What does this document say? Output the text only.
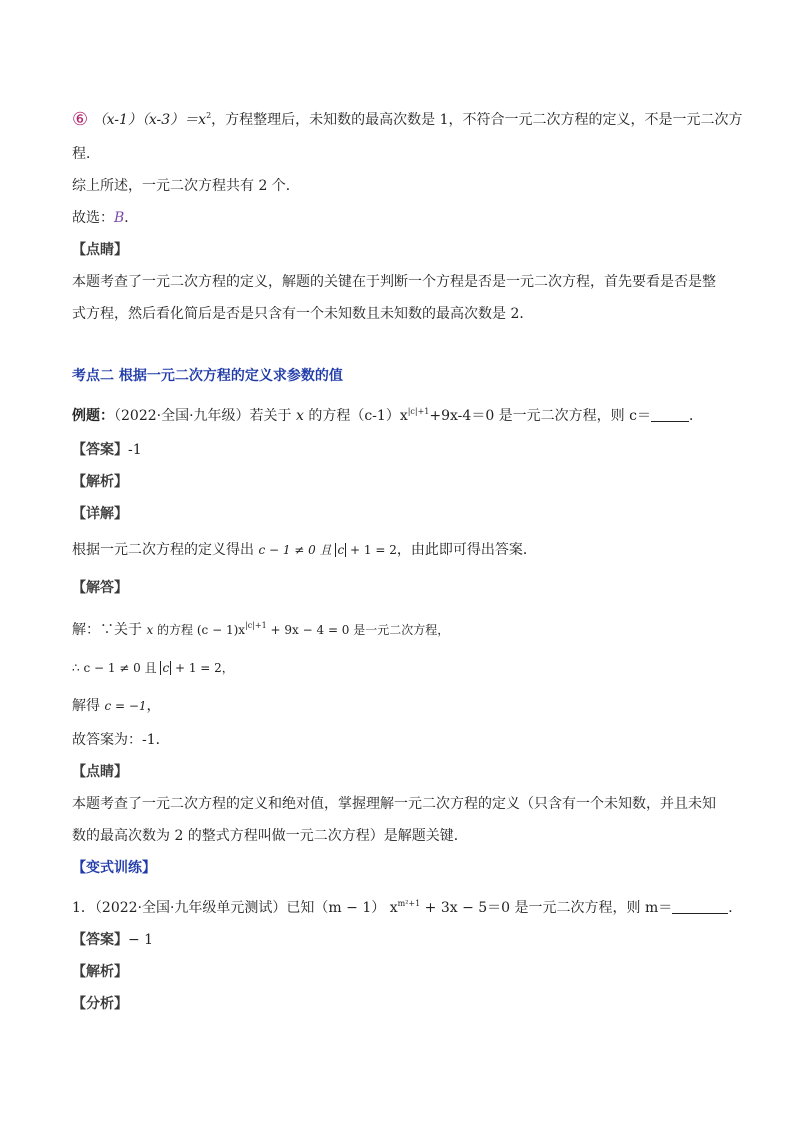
⑥ $(x-1)(x-3)=x^2$，方程整理后，未知数的最高次数是 1，不符合一元二次方程的定义，不是一元二次方
程．
综上所述，一元二次方程共有 2 个．
故选：B．
【点睛】
本题考查了一元二次方程的定义，解题的关键在于判断一个方程是否是一元二次方程，首先要看是否是整
式方程，然后看化简后是否是只含有一个未知数且未知数的最高次数是 2．
考点二 根据一元二次方程的定义求参数的值
例题：（2022·全国·九年级）若关于 x 的方程$(c-1)x^{|c|+1}+9x-4=0$ 是一元二次方程，则 c＝	．
【答案】-1
【解析】
【详解】
根据一元二次方程的定义得出 c − 1 ≠ 0 且 c + 1 = 2，由此即可得出答案．
【解答】
解：∵关于 x 的方程 $(c - 1)x^{|c|+1} + 9x - 4 = 0$ 是一元二次方程，
∴ c − 1 ≠ 0 且 c + 1 = 2，
解得 c = −1，
故答案为：-1．
【点睛】
本题考查了一元二次方程的定义和绝对值，掌握理解一元二次方程的定义（只含有一个未知数，并且未知
数的最高次数为 2 的整式方程叫做一元二次方程）是解题关键．
【变式训练】
1．（2022·全国·九年级单元测试）已知（m − 1） $x^{m^2+1} + 3x - 5=0$ 是一元二次方程，则 m＝	．
【答案】− 1
【解析】
【分析】
